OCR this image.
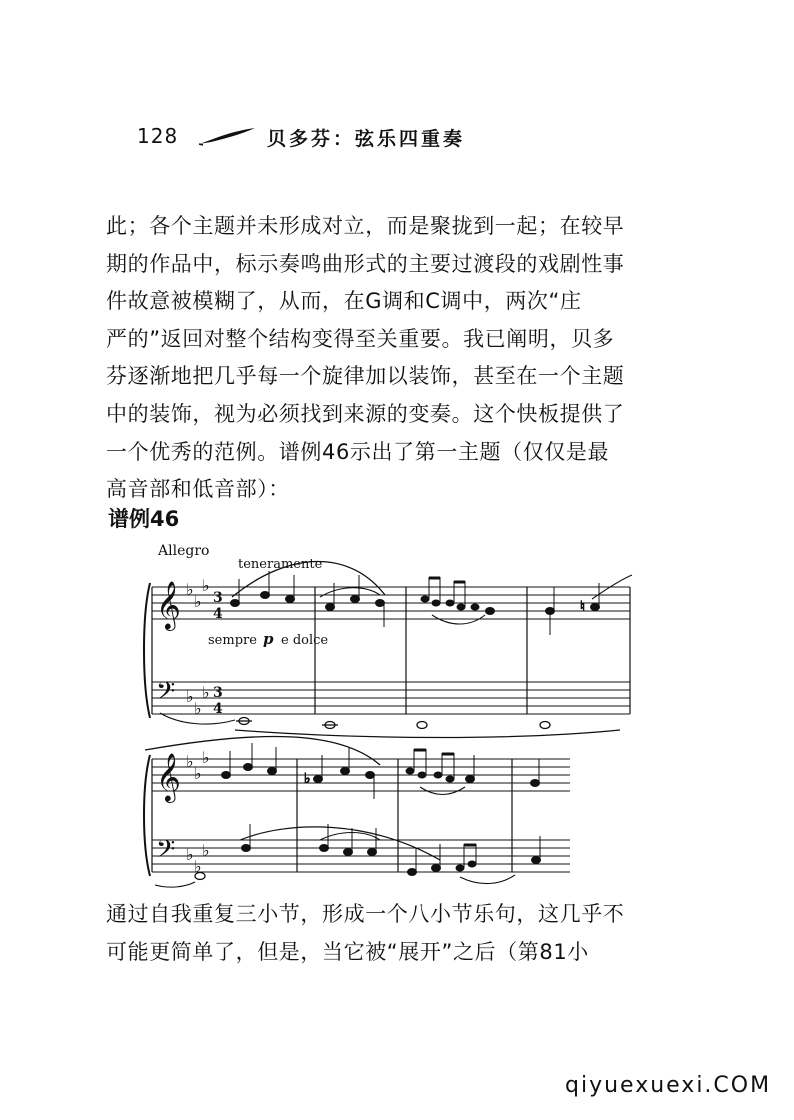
128	贝多芬：弦乐四重奏
此；各个主题并未形成对立，而是聚拢到一起；在较早
期的作品中，标示奏鸣曲形式的主要过渡段的戏剧性事
件故意被模糊了，从而，在G调和C调中，两次“庄
严的”返回对整个结构变得至关重要。我已阐明，贝多
芬逐渐地把几乎每一个旋律加以装饰，甚至在一个主题
中的装饰，视为必须找到来源的变奏。这个快板提供了
一个优秀的范例。谱例46示出了第一主题（仅仅是最
高音部和低音部）：
谱例46
Allegro
teneramente
sempre p e dolce
𝄞
𝄢
♭
♭
♭
♭
♭
♭
3
4
3
4
♮
𝄞
𝄢
♭
♭
♭
♭
♭
♭
♭
通过自我重复三小节，形成一个八小节乐句，这几乎不
可能更简单了，但是，当它被“展开”之后（第81小
qiyuexuexi.COM
